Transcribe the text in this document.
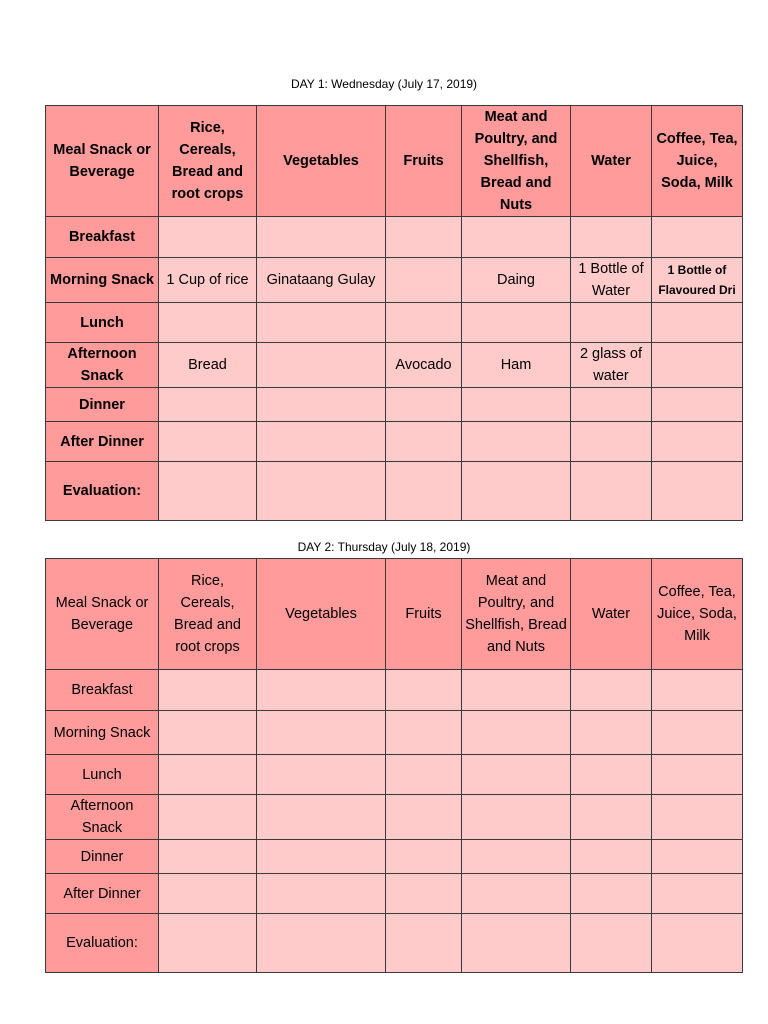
DAY 1: Wednesday (July 17, 2019)
Meal Snack or Beverage	Rice, Cereals, Bread and root crops	Vegetables	Fruits	Meat and Poultry, and Shellfish, Bread and Nuts	Water	Coffee, Tea, Juice, Soda, Milk
Breakfast						
Morning Snack	1 Cup of rice	Ginataang Gulay		Daing	1 Bottle of Water	1 Bottle of Flavoured Dri
Lunch						
Afternoon Snack	Bread		Avocado	Ham	2 glass of water	
Dinner						
After Dinner						
Evaluation:						
DAY 2: Thursday (July 18, 2019)
Meal Snack or Beverage	Rice, Cereals, Bread and root crops	Vegetables	Fruits	Meat and Poultry, and Shellfish, Bread and Nuts	Water	Coffee, Tea, Juice, Soda, Milk
Breakfast						
Morning Snack						
Lunch						
Afternoon Snack						
Dinner						
After Dinner						
Evaluation:						
